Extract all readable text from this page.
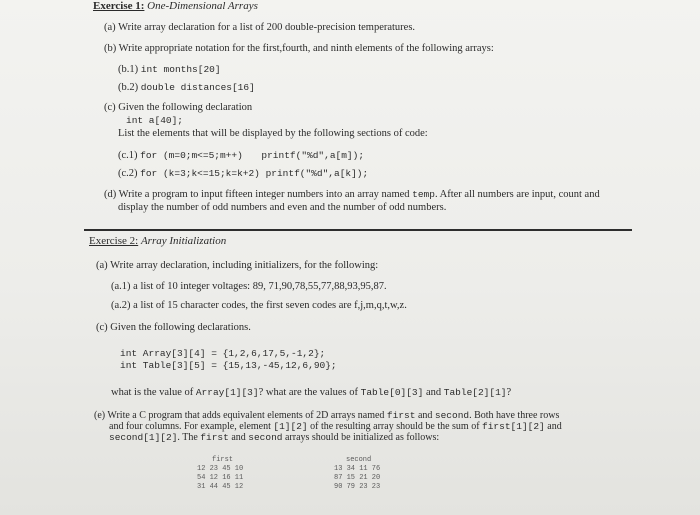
Exercise 1: One-Dimensional Arrays
(a) Write array declaration for a list of 200 double-precision temperatures.
(b) Write appropriate notation for the first,fourth, and ninth elements of the following arrays:
(b.1) int months[20]
(b.2) double distances[16]
(c) Given the following declaration
int a[40];
List the elements that will be displayed by the following sections of code:
(c.1) for (m=0;m<=5;m++) printf("%d",a[m]);
(c.2) for (k=3;k<=15;k=k+2) printf("%d",a[k]);
(d) Write a program to input fifteen integer numbers into an array named temp. After all numbers are input, count and
display the number of odd numbers and even and the number of odd numbers.
Exercise 2: Array Initialization
(a) Write array declaration, including initializers, for the following:
(a.1) a list of 10 integer voltages: 89, 71,90,78,55,77,88,93,95,87.
(a.2) a list of 15 character codes, the first seven codes are f,j,m,q,t,w,z.
(c) Given the following declarations.
int Array[3][4] = {1,2,6,17,5,-1,2};
int Table[3][5] = {15,13,-45,12,6,90};
what is the value of Array[1][3]? what are the values of Table[0][3] and Table[2][1]?
(e) Write a C program that adds equivalent elements of 2D arrays named first and second. Both have three rows
and four columns. For example, element [1][2] of the resulting array should be the sum of first[1][2] and
second[1][2]. The first and second arrays should be initialized as follows:
first
12 23 45 10
54 12 16 11
31 44 45 12
second
13 34 11 76
87 15 21 20
90 79 23 23
